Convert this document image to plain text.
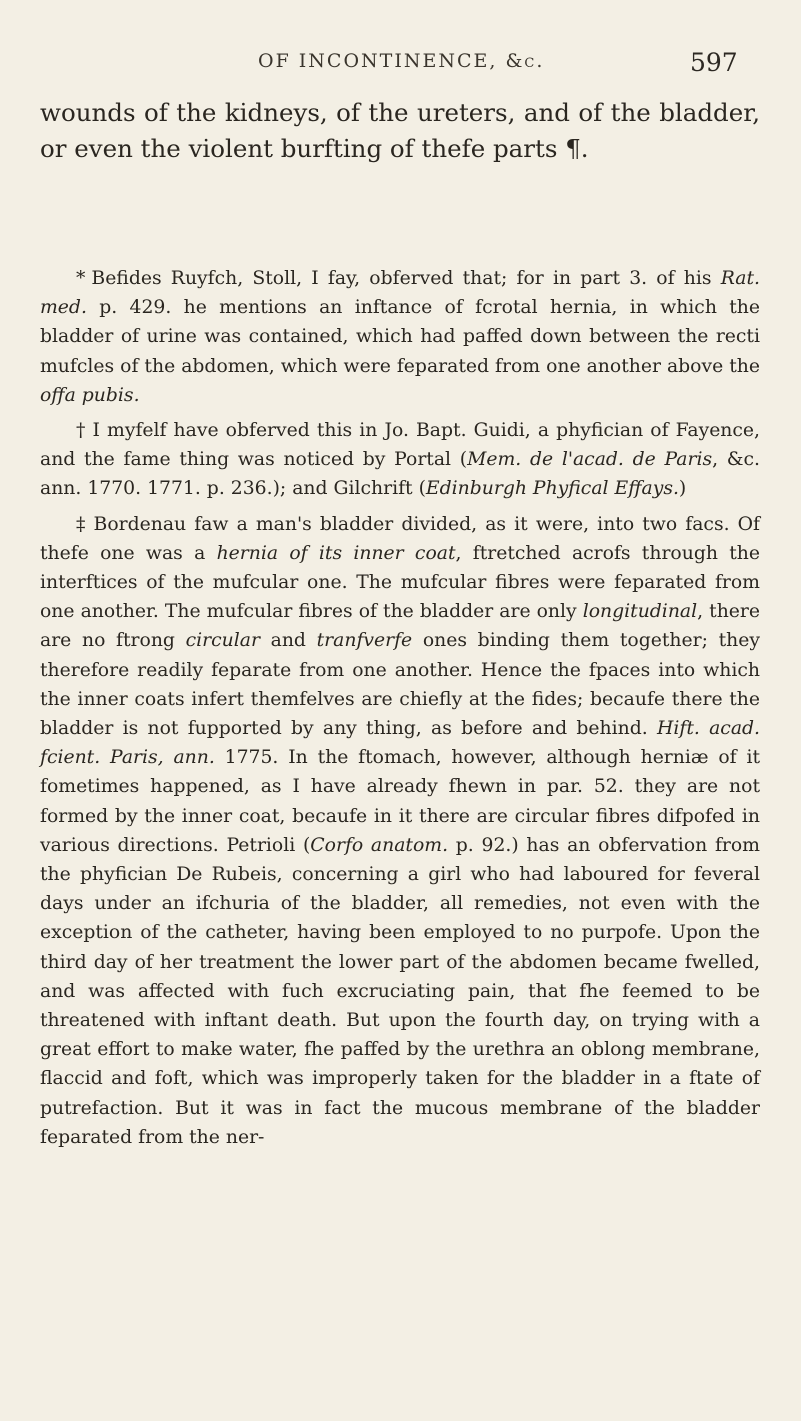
OF INCONTINENCE, &c.	597

wounds of the kidneys, of the ureters, and of the bladder, or even the violent burfting of thefe parts ¶.

* Befides Ruyfch, Stoll, I fay, obferved that; for in part 3. of his Rat. med. p. 429. he mentions an inftance of fcrotal hernia, in which the bladder of urine was contained, which had paffed down between the recti mufcles of the abdomen, which were feparated from one another above the offa pubis.

† I myfelf have obferved this in Jo. Bapt. Guidi, a phyfician of Fayence, and the fame thing was noticed by Portal (Mem. de l'acad. de Paris, &c. ann. 1770. 1771. p. 236.); and Gilchrift (Edinburgh Phyfical Effays.)

‡ Bordenau faw a man's bladder divided, as it were, into two facs. Of thefe one was a hernia of its inner coat, ftretched acrofs through the interftices of the mufcular one. The mufcular fibres were feparated from one another. The mufcular fibres of the bladder are only longitudinal, there are no ftrong circular and tranfverfe ones binding them together; they therefore readily feparate from one another. Hence the fpaces into which the inner coats infert themfelves are chiefly at the fides; becaufe there the bladder is not fupported by any thing, as before and behind. Hift. acad. fcient. Paris, ann. 1775. In the ftomach, however, although herniæ of it fometimes happened, as I have already fhewn in par. 52. they are not formed by the inner coat, becaufe in it there are circular fibres difpofed in various directions. Petrioli (Corfo anatom. p. 92.) has an obfervation from the phyfician De Rubeis, concerning a girl who had laboured for feveral days under an ifchuria of the bladder, all remedies, not even with the exception of the catheter, having been employed to no purpofe. Upon the third day of her treatment the lower part of the abdomen became fwelled, and was affected with fuch excruciating pain, that fhe feemed to be threatened with inftant death. But upon the fourth day, on trying with a great effort to make water, fhe paffed by the urethra an oblong membrane, flaccid and foft, which was improperly taken for the bladder in a ftate of putrefaction. But it was in fact the mucous membrane of the bladder feparated from the ner-
